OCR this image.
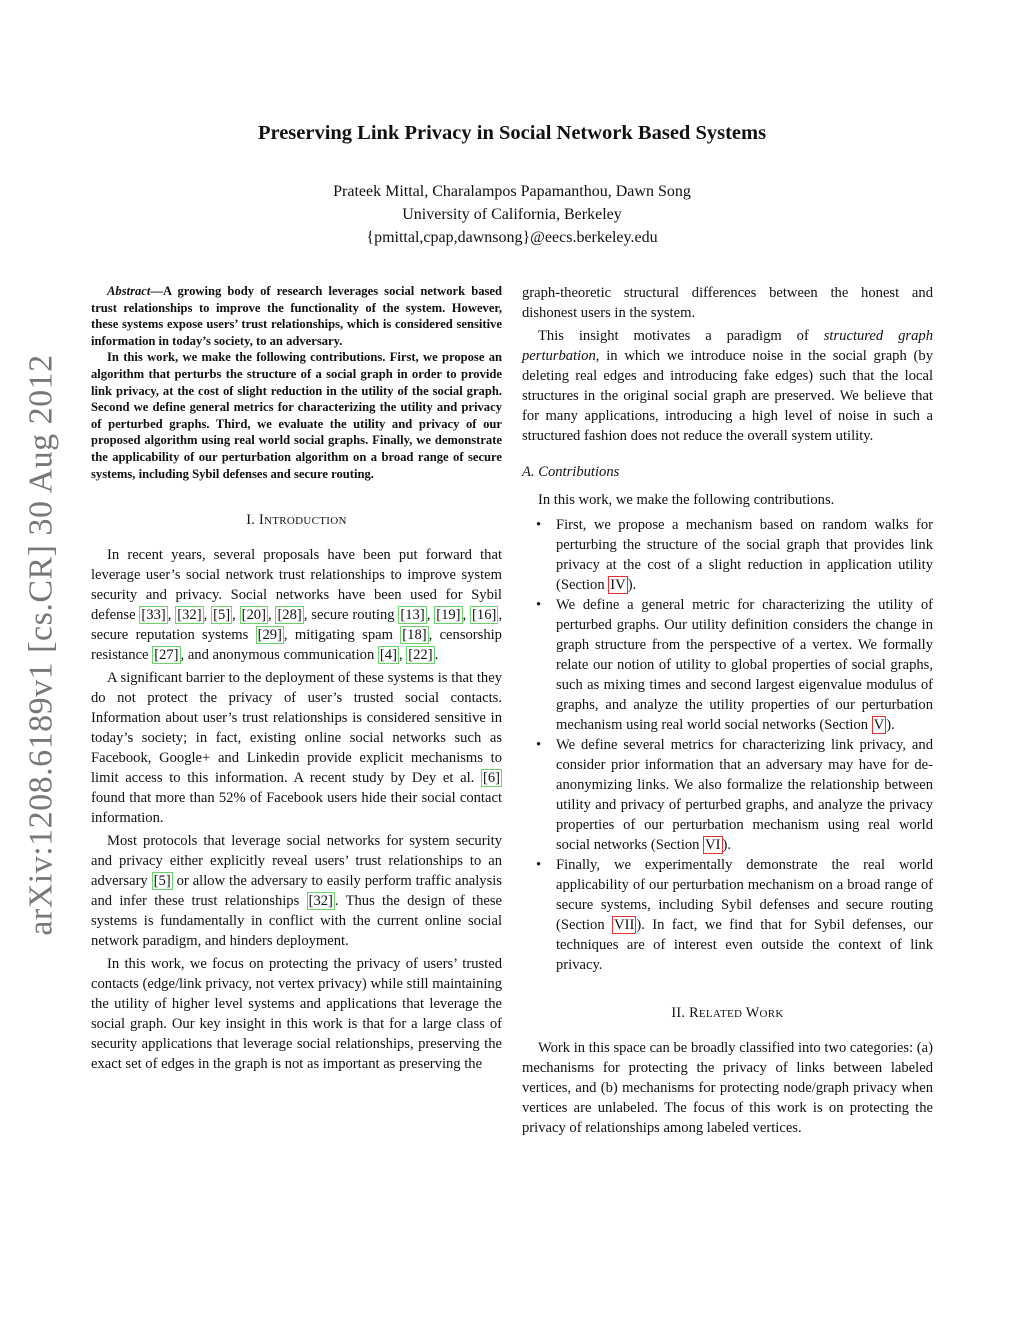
arXiv:1208.6189v1 [cs.CR] 30 Aug 2012
Preserving Link Privacy in Social Network Based Systems
Prateek Mittal, Charalampos Papamanthou, Dawn Song
University of California, Berkeley
{pmittal,cpap,dawnsong}@eecs.berkeley.edu

Abstract—A growing body of research leverages social network based trust relationships to improve the functionality of the system. However, these systems expose users’ trust relationships, which is considered sensitive information in today’s society, to an adversary.

In this work, we make the following contributions. First, we propose an algorithm that perturbs the structure of a social graph in order to provide link privacy, at the cost of slight reduction in the utility of the social graph. Second we define general metrics for characterizing the utility and privacy of perturbed graphs. Third, we evaluate the utility and privacy of our proposed algorithm using real world social graphs. Finally, we demonstrate the applicability of our perturbation algorithm on a broad range of secure systems, including Sybil defenses and secure routing.

I. INTRODUCTION

In recent years, several proposals have been put forward that leverage user’s social network trust relationships to improve system security and privacy. Social networks have been used for Sybil defense [33] , [32] , [5] , [20] , [28] , secure routing [13] , [19] , [16] , secure reputation systems [29] , mitigating spam [18] , censorship resistance [27] , and anonymous communication [4] , [22] .

A significant barrier to the deployment of these systems is that they do not protect the privacy of user’s trusted social contacts. Information about user’s trust relationships is considered sensitive in today’s society; in fact, existing online social networks such as Facebook, Google+ and Linkedin provide explicit mechanisms to limit access to this information. A recent study by Dey et al. [6] found that more than 52% of Facebook users hide their social contact information.

Most protocols that leverage social networks for system security and privacy either explicitly reveal users’ trust relationships to an adversary [5] or allow the adversary to easily perform traffic analysis and infer these trust relationships [32] . Thus the design of these systems is fundamentally in conflict with the current online social network paradigm, and hinders deployment.

In this work, we focus on protecting the privacy of users’ trusted contacts (edge/link privacy, not vertex privacy) while still maintaining the utility of higher level systems and applications that leverage the social graph. Our key insight in this work is that for a large class of security applications that leverage social relationships, preserving the exact set of edges in the graph is not as important as preserving the

graph-theoretic structural differences between the honest and dishonest users in the system.

This insight motivates a paradigm of structured graph perturbation, in which we introduce noise in the social graph (by deleting real edges and introducing fake edges) such that the local structures in the original social graph are preserved. We believe that for many applications, introducing a high level of noise in such a structured fashion does not reduce the overall system utility.

A. Contributions

In this work, we make the following contributions.

• First, we propose a mechanism based on random walks for perturbing the structure of the social graph that provides link privacy at the cost of a slight reduction in application utility (Section IV ).
• We define a general metric for characterizing the utility of perturbed graphs. Our utility definition considers the change in graph structure from the perspective of a vertex. We formally relate our notion of utility to global properties of social graphs, such as mixing times and second largest eigenvalue modulus of graphs, and analyze the utility properties of our perturbation mechanism using real world social networks (Section V ).
• We define several metrics for characterizing link privacy, and consider prior information that an adversary may have for de-anonymizing links. We also formalize the relationship between utility and privacy of perturbed graphs, and analyze the privacy properties of our perturbation mechanism using real world social networks (Section VI ).
• Finally, we experimentally demonstrate the real world applicability of our perturbation mechanism on a broad range of secure systems, including Sybil defenses and secure routing (Section VII ). In fact, we find that for Sybil defenses, our techniques are of interest even outside the context of link privacy.
II. RELATED WORK

Work in this space can be broadly classified into two categories: (a) mechanisms for protecting the privacy of links between labeled vertices, and (b) mechanisms for protecting node/graph privacy when vertices are unlabeled. The focus of this work is on protecting the privacy of relationships among labeled vertices.
